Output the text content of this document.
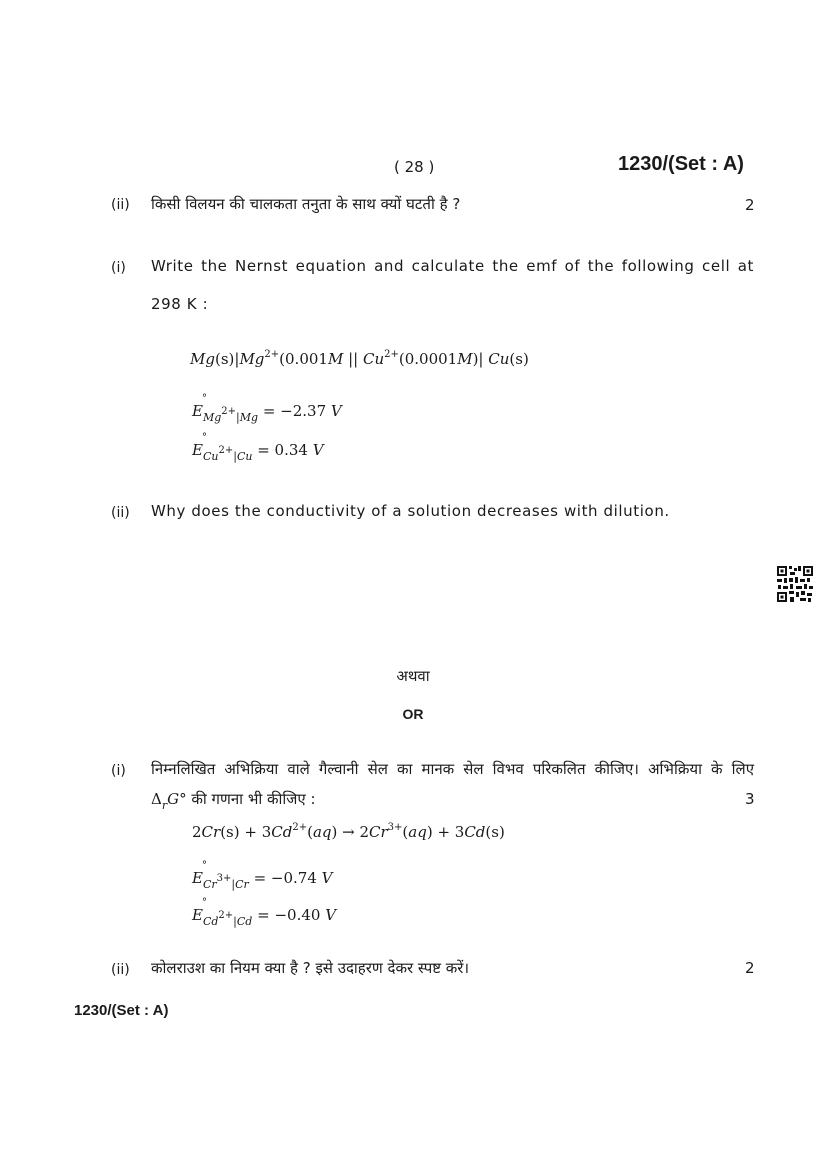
( 28 )	1230/(Set : A)
(ii) किसी विलयन की चालकता तनुता के साथ क्यों घटती है ?	2
(i) Write the Nernst equation and calculate the emf of the following cell at
298 K :
$Mg(s)|Mg^{2+}(0.001M$ || $Cu^{2+}(0.0001M)|$ Cu(s)
E
°
$_{Mg^{2+}|Mg}$ = −2.37 V
E
°
$_{Cu^{2+}|Cu}$ = 0.34 V
(ii) Why does the conductivity of a solution decreases with dilution.
अथवा
OR
(i) निम्नलिखित अभिक्रिया वाले गैल्वानी सेल का मानक सेल विभव परिकलित कीजिए। अभिक्रिया के लिए
$\Delta_rG^\circ$ की गणना भी कीजिए :	3
$2Cr(s) + 3Cd^{2+}(aq) \to 2Cr^{3+}(aq) + 3Cd(s)$
E
°
$_{Cr^{3+}|Cr}$ = −0.74 V
E
°
$_{Cd^{2+}|Cd}$ = −0.40 V
(ii) कोलराउश का नियम क्या है ? इसे उदाहरण देकर स्पष्ट करें।	2
1230/(Set : A)
